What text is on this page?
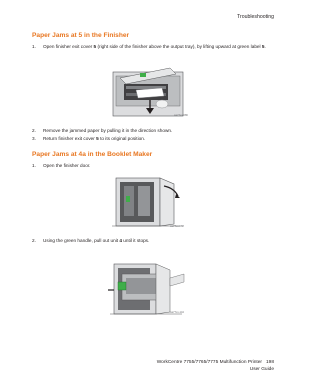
Troubleshooting
Paper Jams at 5 in the Finisher
1. Open finisher exit cover 5 (right side of the finisher above the output tray), by lifting upward at green label 5.
ws77xx-086
2. Remove the jammed paper by pulling it in the direction shown.
3. Return finisher exit cover 5 to its original position.
Paper Jams at 4a in the Booklet Maker
1. Open the finisher door.
ws77xx-088
2. Using the green handle, pull out unit 4 until it stops.
ws77xx-144
WorkCentre 7755/7765/7775 Multifunction Printer 198
User Guide
